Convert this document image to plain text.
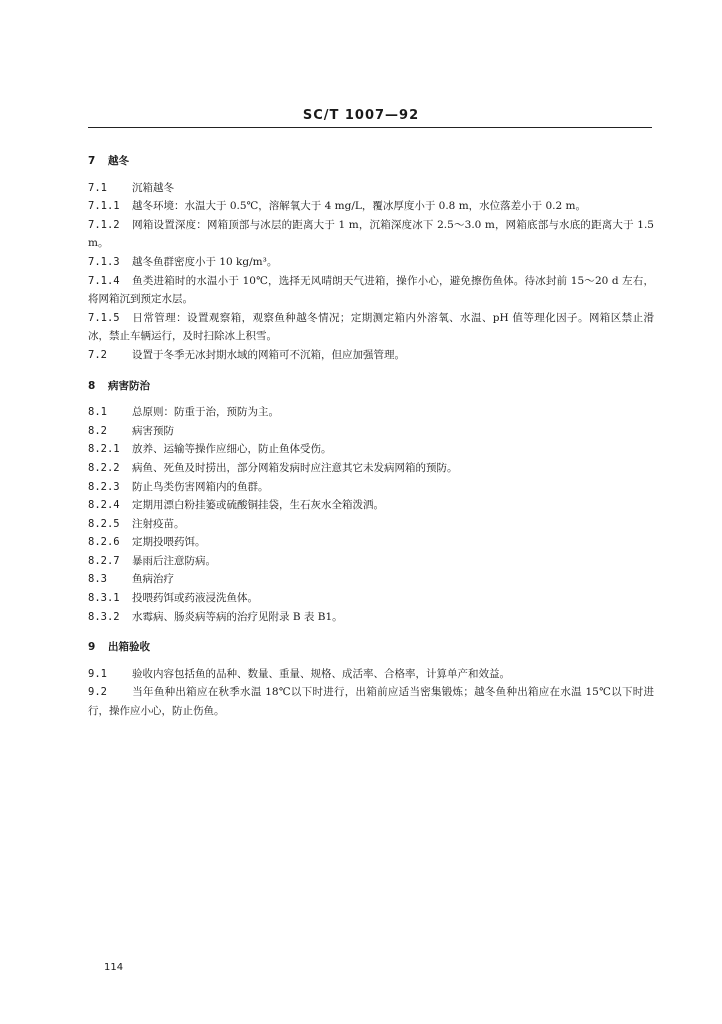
SC/T 1007—92
7 越冬
7.1 沉箱越冬
7.1.1 越冬环境：水温大于 0.5℃，溶解氧大于 4 mg/L，覆冰厚度小于 0.8 m，水位落差小于 0.2 m。
7.1.2 网箱设置深度：网箱顶部与冰层的距离大于 1 m，沉箱深度冰下 2.5～3.0 m，网箱底部与水底的距离大于 1.5 m。
7.1.3 越冬鱼群密度小于 10 kg/m³。
7.1.4 鱼类进箱时的水温小于 10℃，选择无风晴朗天气进箱，操作小心，避免擦伤鱼体。待冰封前 15～20 d 左右，将网箱沉到预定水层。
7.1.5 日常管理：设置观察箱，观察鱼种越冬情况；定期测定箱内外溶氧、水温、pH 值等理化因子。网箱区禁止滑冰，禁止车辆运行，及时扫除冰上积雪。
7.2 设置于冬季无冰封期水域的网箱可不沉箱，但应加强管理。
8 病害防治
8.1 总原则：防重于治，预防为主。
8.2 病害预防
8.2.1 放养、运输等操作应细心，防止鱼体受伤。
8.2.2 病鱼、死鱼及时捞出，部分网箱发病时应注意其它未发病网箱的预防。
8.2.3 防止鸟类伤害网箱内的鱼群。
8.2.4 定期用漂白粉挂篓或硫酸铜挂袋，生石灰水全箱泼洒。
8.2.5 注射疫苗。
8.2.6 定期投喂药饵。
8.2.7 暴雨后注意防病。
8.3 鱼病治疗
8.3.1 投喂药饵或药液浸洗鱼体。
8.3.2 水霉病、肠炎病等病的治疗见附录 B 表 B1。
9 出箱验收
9.1 验收内容包括鱼的品种、数量、重量、规格、成活率、合格率，计算单产和效益。
9.2 当年鱼种出箱应在秋季水温 18℃以下时进行，出箱前应适当密集锻炼；越冬鱼种出箱应在水温 15℃以下时进行，操作应小心，防止伤鱼。
114
